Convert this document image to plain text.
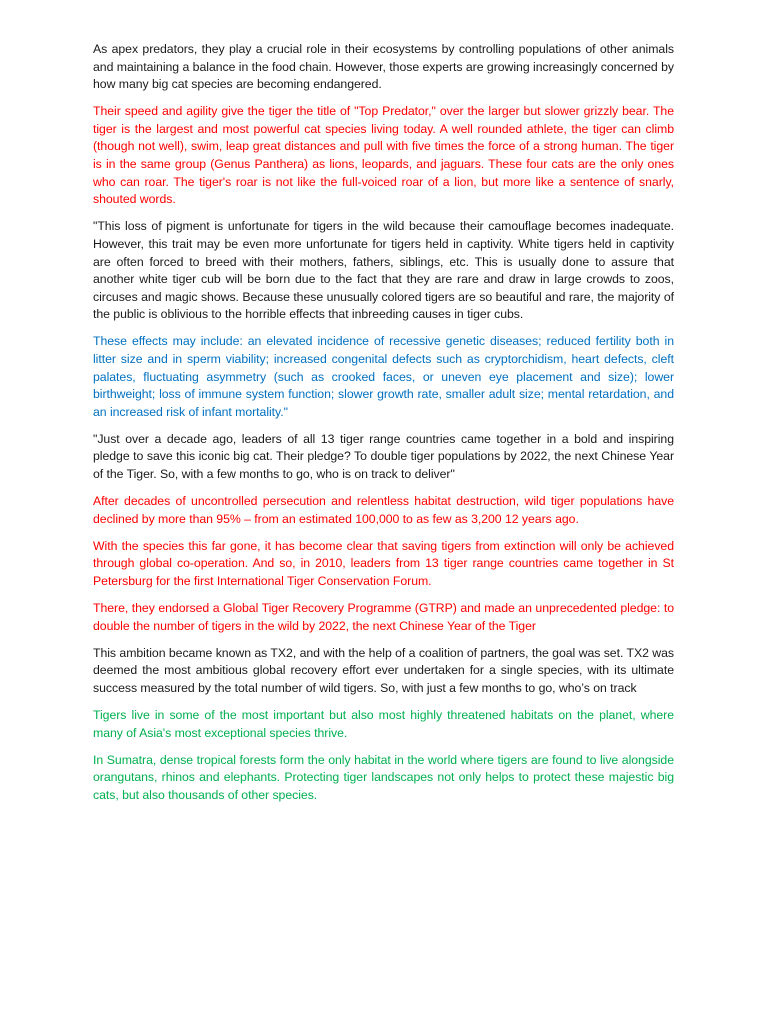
As apex predators, they play a crucial role in their ecosystems by controlling populations of other animals and maintaining a balance in the food chain. However, those experts are growing increasingly concerned by how many big cat species are becoming endangered.

Their speed and agility give the tiger the title of "Top Predator," over the larger but slower grizzly bear. The tiger is the largest and most powerful cat species living today. A well rounded athlete, the tiger can climb (though not well), swim, leap great distances and pull with five times the force of a strong human. The tiger is in the same group (Genus Panthera) as lions, leopards, and jaguars. These four cats are the only ones who can roar. The tiger's roar is not like the full-voiced roar of a lion, but more like a sentence of snarly, shouted words.

"This loss of pigment is unfortunate for tigers in the wild because their camouflage becomes inadequate. However, this trait may be even more unfortunate for tigers held in captivity. White tigers held in captivity are often forced to breed with their mothers, fathers, siblings, etc. This is usually done to assure that another white tiger cub will be born due to the fact that they are rare and draw in large crowds to zoos, circuses and magic shows. Because these unusually colored tigers are so beautiful and rare, the majority of the public is oblivious to the horrible effects that inbreeding causes in tiger cubs.

These effects may include: an elevated incidence of recessive genetic diseases; reduced fertility both in litter size and in sperm viability; increased congenital defects such as cryptorchidism, heart defects, cleft palates, fluctuating asymmetry (such as crooked faces, or uneven eye placement and size); lower birthweight; loss of immune system function; slower growth rate, smaller adult size; mental retardation, and an increased risk of infant mortality."

"Just over a decade ago, leaders of all 13 tiger range countries came together in a bold and inspiring pledge to save this iconic big cat. Their pledge? To double tiger populations by 2022, the next Chinese Year of the Tiger. So, with a few months to go, who is on track to deliver"

After decades of uncontrolled persecution and relentless habitat destruction, wild tiger populations have declined by more than 95% – from an estimated 100,000 to as few as 3,200 12 years ago.

With the species this far gone, it has become clear that saving tigers from extinction will only be achieved through global co-operation. And so, in 2010, leaders from 13 tiger range countries came together in St Petersburg for the first International Tiger Conservation Forum.

There, they endorsed a Global Tiger Recovery Programme (GTRP) and made an unprecedented pledge: to double the number of tigers in the wild by 2022, the next Chinese Year of the Tiger

This ambition became known as TX2, and with the help of a coalition of partners, the goal was set. TX2 was deemed the most ambitious global recovery effort ever undertaken for a single species, with its ultimate success measured by the total number of wild tigers. So, with just a few months to go, who’s on track

Tigers live in some of the most important but also most highly threatened habitats on the planet, where many of Asia's most exceptional species thrive.

In Sumatra, dense tropical forests form the only habitat in the world where tigers are found to live alongside orangutans, rhinos and elephants. Protecting tiger landscapes not only helps to protect these majestic big cats, but also thousands of other species.
